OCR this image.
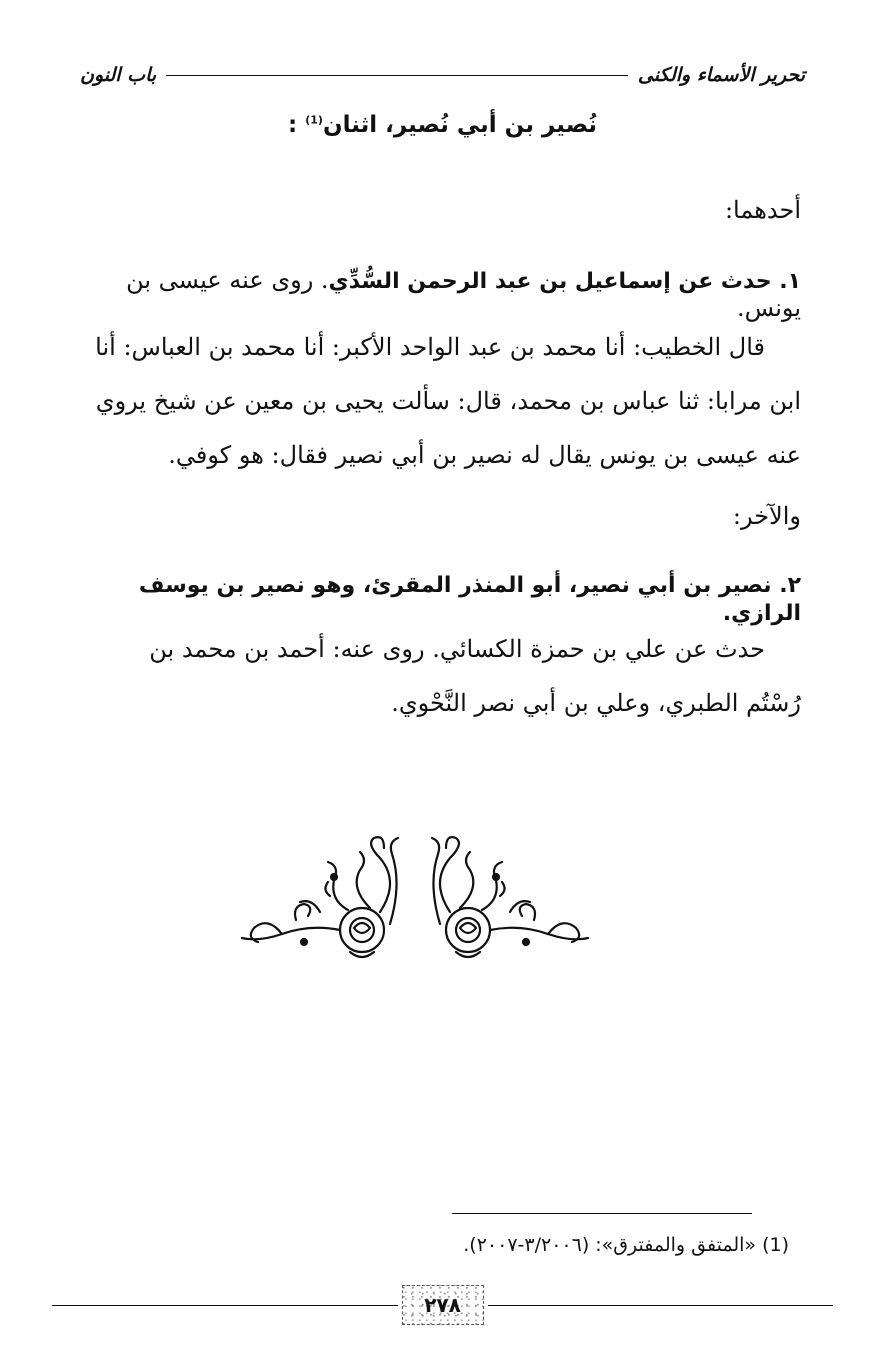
تحرير الأسماء والكنى
باب النون
نُصير بن أبي نُصير، اثنان$^{(1)}$ :
أحدهما:
١. حدث عن إسماعيل بن عبد الرحمن السُّدِّي. روى عنه عيسى بن يونس.
قال الخطيب: أنا محمد بن عبد الواحد الأكبر: أنا محمد بن العباس: أنا
ابن مرابا: ثنا عباس بن محمد، قال: سألت يحيى بن معين عن شيخ يروي
عنه عيسى بن يونس يقال له نصير بن أبي نصير فقال: هو كوفي.
والآخر:
٢. نصير بن أبي نصير، أبو المنذر المقرئ، وهو نصير بن يوسف الرازي.
حدث عن علي بن حمزة الكسائي. روى عنه: أحمد بن محمد بن
رُسْتُم الطبري، وعلي بن أبي نصر النَّحْوي.
(1) «المتفق والمفترق»: (٣/٢٠٠٦-٢٠٠٧).
٢٧٨
